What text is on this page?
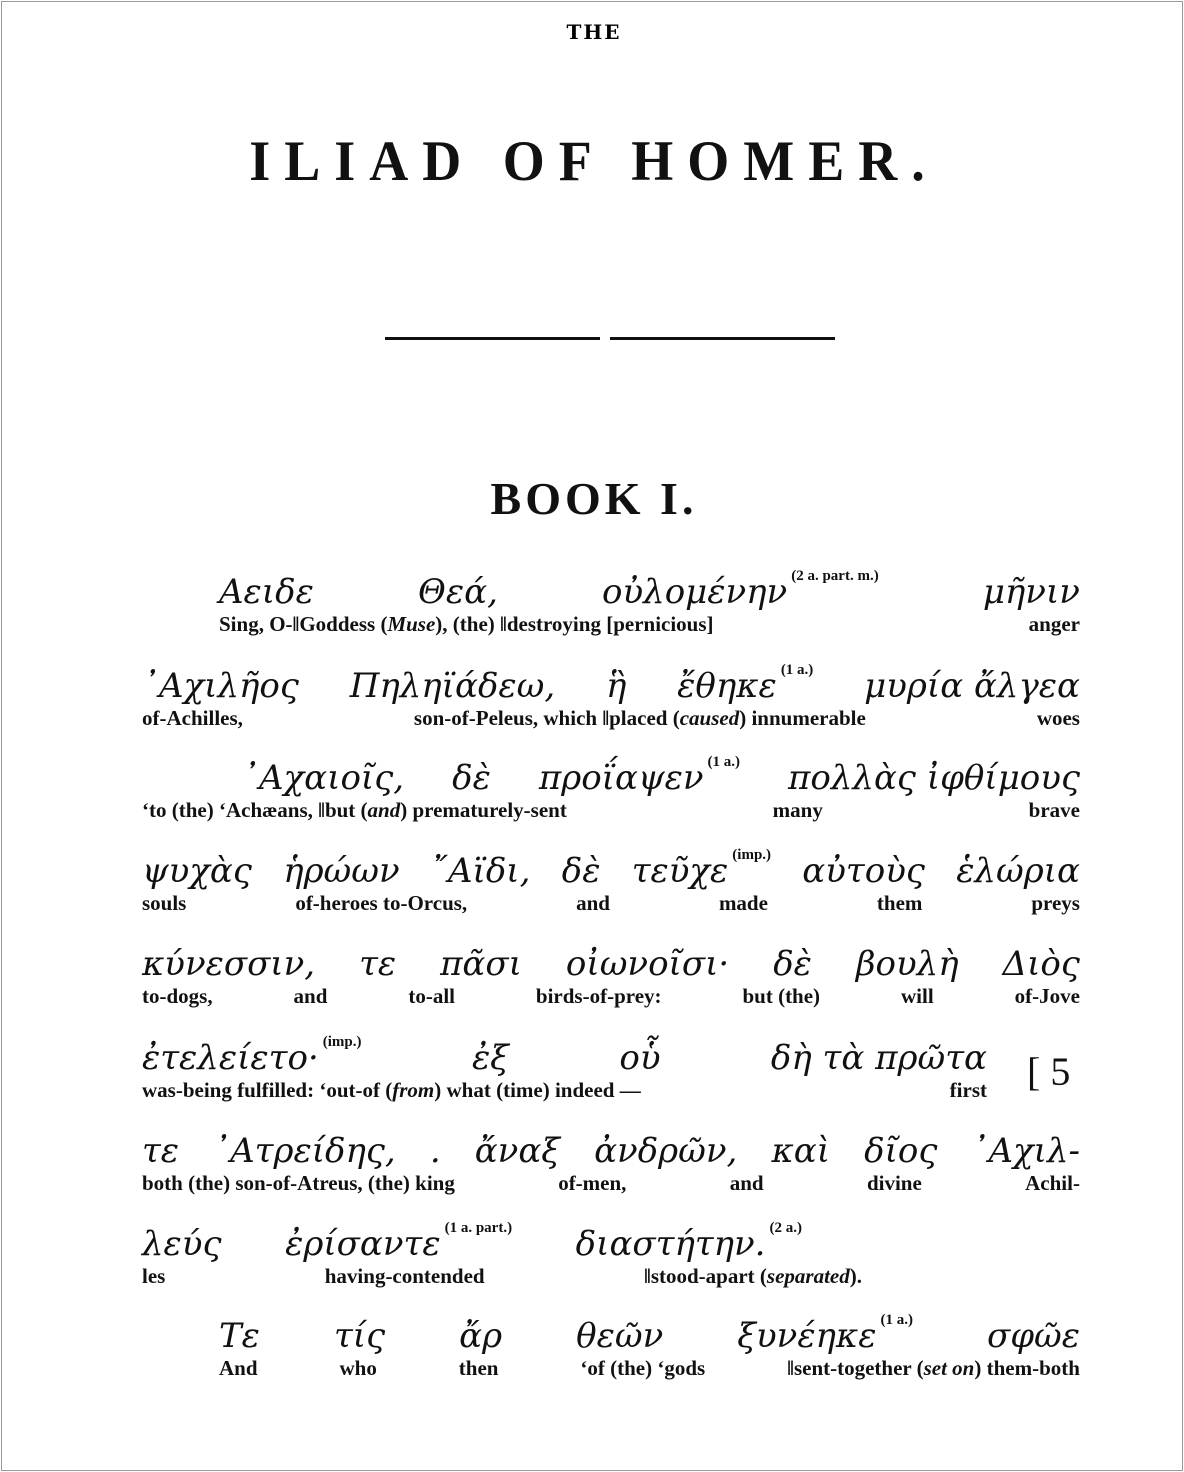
THE
ILIAD OF HOMER.
BOOK I.
Αειδε	Θεά,	οὐλομένην $^{(2 a. part. m.)}$	μῆνιν
Sing, O-‖Goddess (Muse), (the) ‖destroying [pernicious]	anger
᾿Αχιλῆος Πηληϊάδεω, ἣ ἔθηκε $^{(1 a.)}$ μυρία ἄλγεα
of-Achilles,	son-of-Peleus, which ‖placed (caused) innumerable	woes
᾿Αχαιοῖς, δὲ προΐαψεν $^{(1 a.)}$ πολλὰς ἰφθίμους
‘to (the) ‘Achæans, ‖but (and) prematurely-sent	many	brave
ψυχὰς ἡρώων ῎Αϊδι, δὲ τεῦχε $^{(imp.)}$ αὐτοὺς ἑλώρια
souls	of-heroes to-Orcus,	and	made	them	preys
κύνεσσιν, τε πᾶσι οἰωνοῖσι· δὲ βουλὴ Διὸς
to-dogs,	and	to-all	birds-of-prey:	but (the)	will	of-Jove
ἐτελείετο· $^{(imp.)}$	ἐξ	οὗ	δὴ τὰ πρῶτα
was-being fulfilled: ‘out-of (from) what (time) indeed —	first
τε ᾿Ατρείδης, . ἄναξ ἀνδρῶν, καὶ δῖος ᾿Αχιλ-
both (the) son-of-Atreus, (the) king	of-men,	and	divine	Achil-
λεύς ἐρίσαντε $^{(1 a. part.)}$ διαστήτην. $^{(2 a.)}$
les	having-contended	‖stood-apart (separated).
Τε τίς ἄρ θεῶν ξυνέηκε $^{(1 a.)}$ σφῶε
And	who	then	‘of (the) ‘gods	‖sent-together (set on) them-both
[ 5
